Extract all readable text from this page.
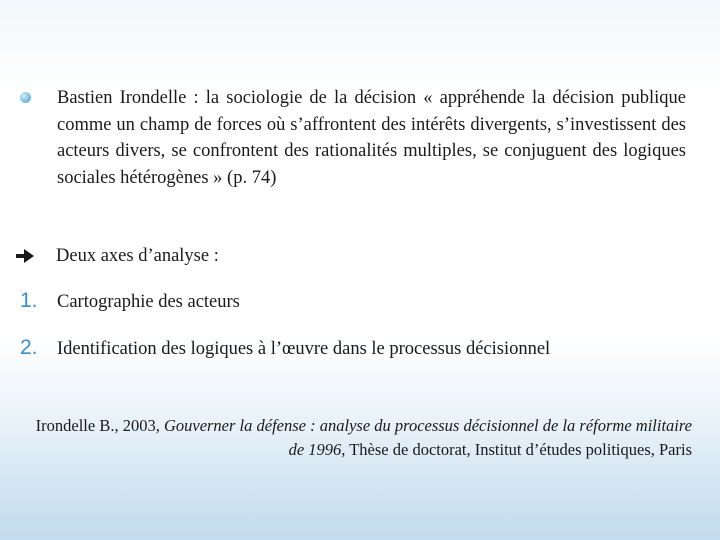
Bastien Irondelle : la sociologie de la décision « appréhende la décision publique comme un champ de forces où s’affrontent des intérêts divergents, s’investissent des acteurs divers, se confrontent des rationalités multiples, se conjuguent des logiques sociales hétérogènes » (p. 74)
Deux axes d’analyse :
1.	Cartographie des acteurs
2.	Identification des logiques à l’œuvre dans le processus décisionnel
Irondelle B., 2003, Gouverner la défense : analyse du processus décisionnel de la réforme militaire de 1996, Thèse de doctorat, Institut d’études politiques, Paris
